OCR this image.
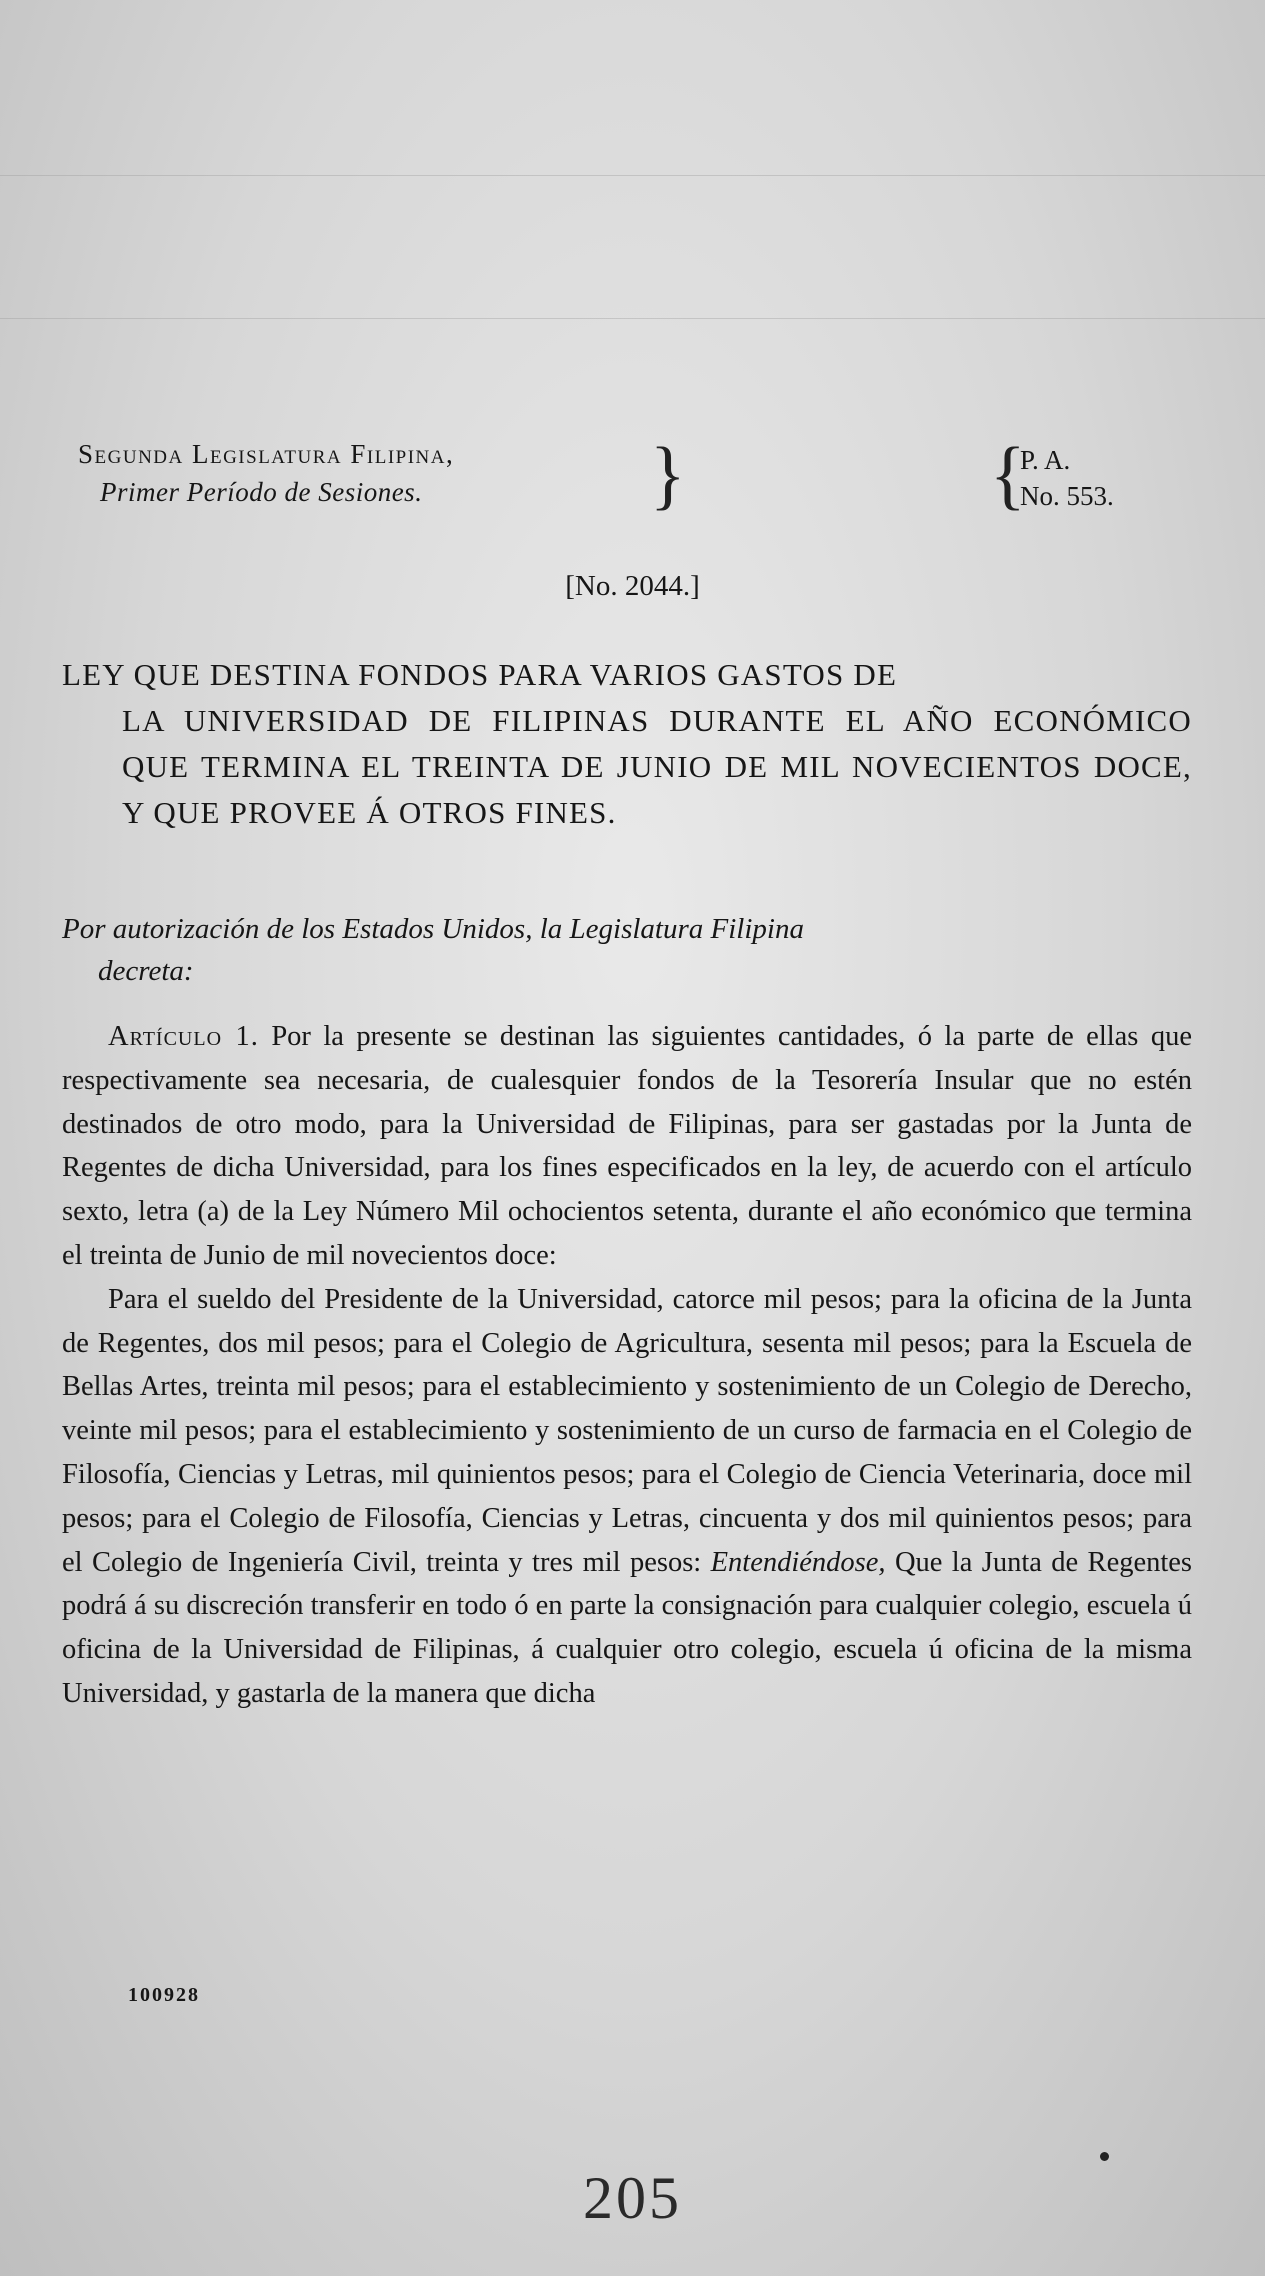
Segunda Legislatura Filipina,
Primer Período de Sesiones.	}	{
P. A.
No. 553.
[No. 2044.]
LEY QUE DESTINA FONDOS PARA VARIOS GASTOS DE
LA UNIVERSIDAD DE FILIPINAS DURANTE EL AÑO ECONÓMICO QUE TERMINA EL TREINTA DE JUNIO DE MIL NOVECIENTOS DOCE, Y QUE PROVEE Á OTROS FINES.
Por autorización de los Estados Unidos, la Legislatura Filipina
decreta:

Artículo 1. Por la presente se destinan las siguientes cantidades, ó la parte de ellas que respectivamente sea necesaria, de cualesquier fondos de la Tesorería Insular que no estén destinados de otro modo, para la Universidad de Filipinas, para ser gastadas por la Junta de Regentes de dicha Universidad, para los fines especificados en la ley, de acuerdo con el artículo sexto, letra (a) de la Ley Número Mil ochocientos setenta, durante el año económico que termina el treinta de Junio de mil novecientos doce:

Para el sueldo del Presidente de la Universidad, catorce mil pesos; para la oficina de la Junta de Regentes, dos mil pesos; para el Colegio de Agricultura, sesenta mil pesos; para la Escuela de Bellas Artes, treinta mil pesos; para el establecimiento y sostenimiento de un Colegio de Derecho, veinte mil pesos; para el establecimiento y sostenimiento de un curso de farmacia en el Colegio de Filosofía, Ciencias y Letras, mil quinientos pesos; para el Colegio de Ciencia Veterinaria, doce mil pesos; para el Colegio de Filosofía, Ciencias y Letras, cincuenta y dos mil quinientos pesos; para el Colegio de Ingeniería Civil, treinta y tres mil pesos: Entendiéndose, Que la Junta de Regentes podrá á su discreción transferir en todo ó en parte la consignación para cualquier colegio, escuela ú oficina de la Universidad de Filipinas, á cualquier otro colegio, escuela ú oficina de la misma Universidad, y gastarla de la manera que dicha

100928
205
